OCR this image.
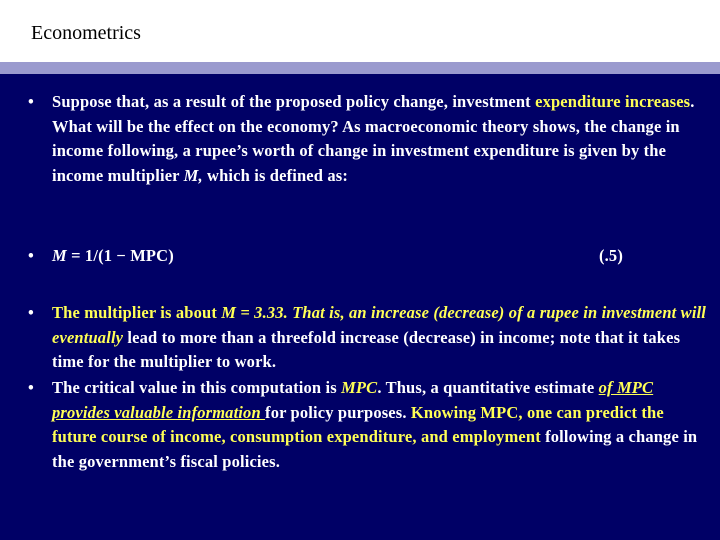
Econometrics
• Suppose that, as a result of the proposed policy change, investment expenditure increases. What will be the effect on the economy? As macroeconomic theory shows, the change in income following, a rupee’s worth of change in investment expenditure is given by the income multiplier M, which is defined as:
• M = 1/(1 − MPC)	(.5)
• The multiplier is about M = 3.33. That is, an increase (decrease) of a rupee in investment will eventually lead to more than a threefold increase (decrease) in income; note that it takes time for the multiplier to work.
• The critical value in this computation is MPC. Thus, a quantitative estimate of MPC provides valuable information for policy purposes. Knowing MPC, one can predict the future course of income, consumption expenditure, and employment following a change in the government’s fiscal policies.
